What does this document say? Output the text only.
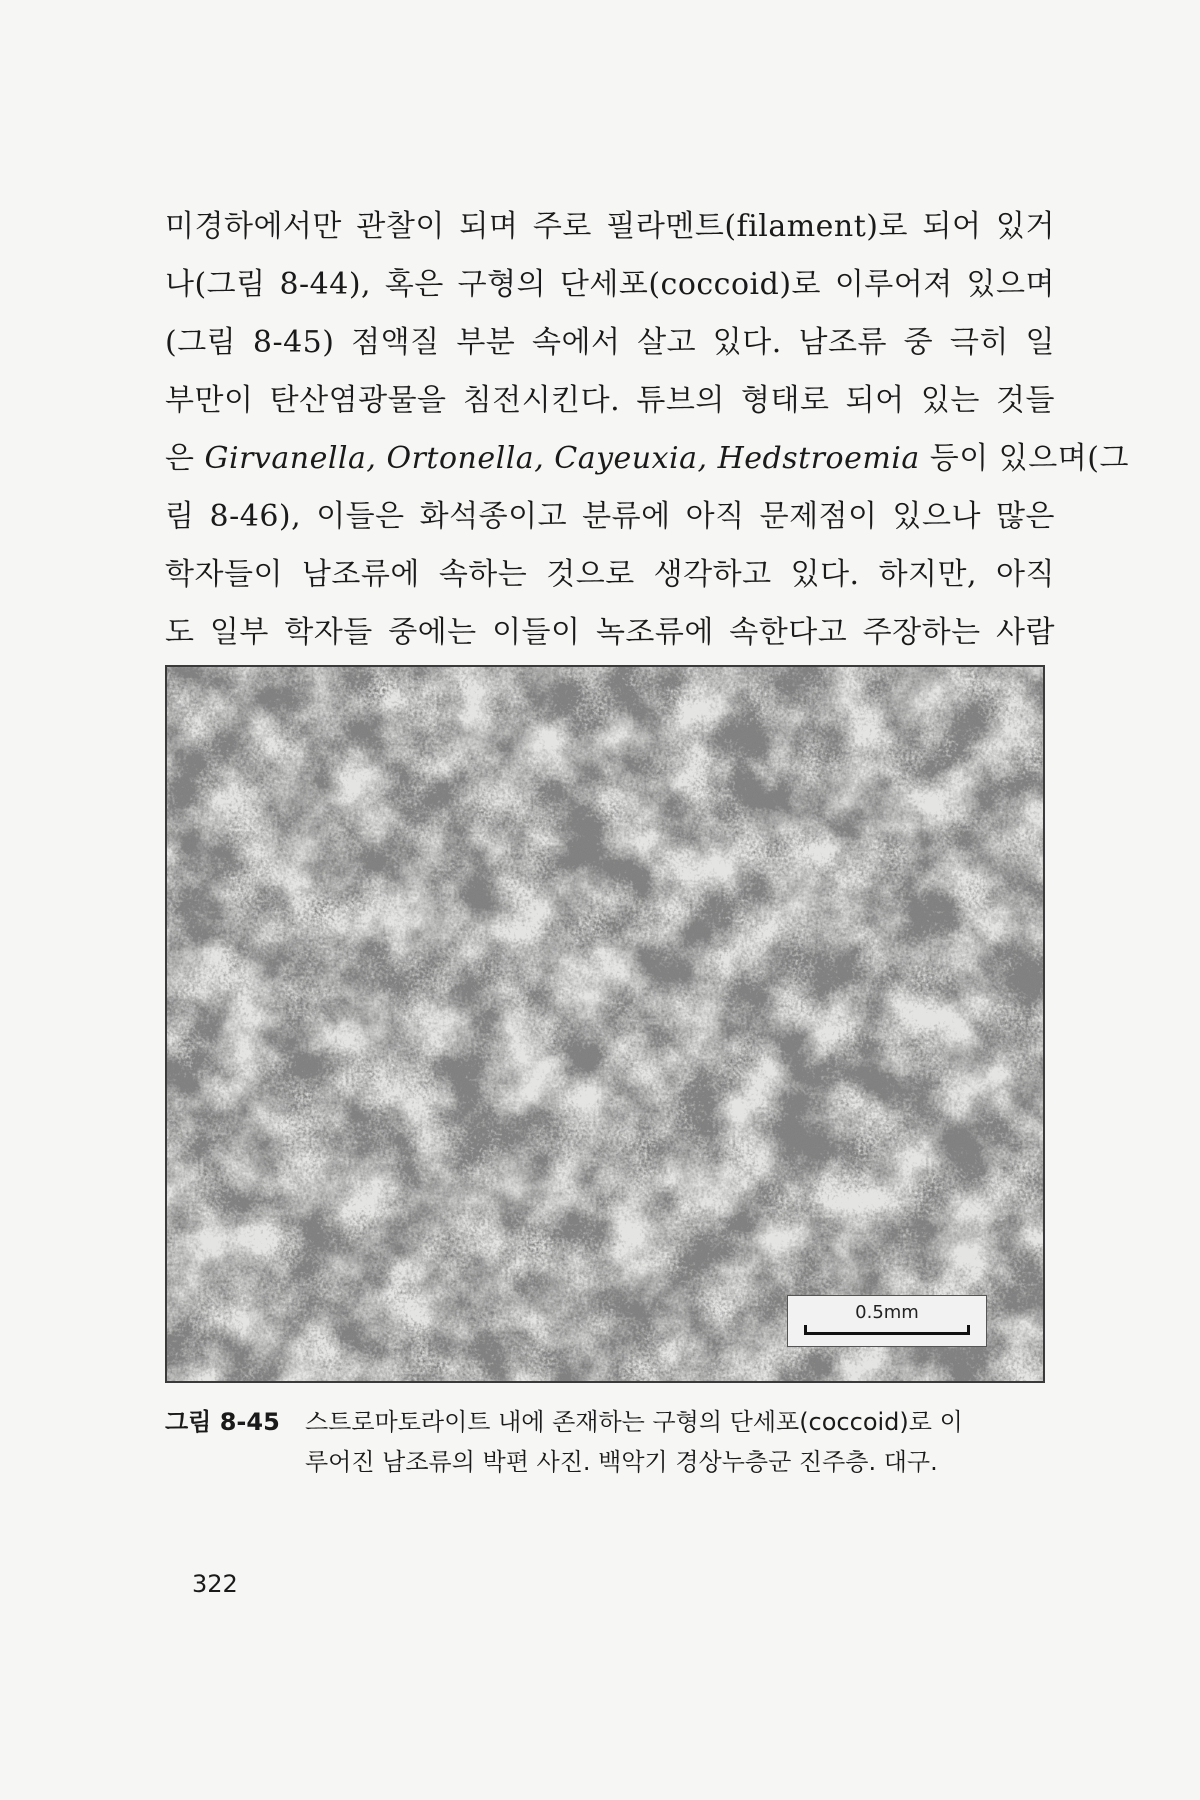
미경하에서만 관찰이 되며 주로 필라멘트(filament)로 되어 있거
나(그림 8-44), 혹은 구형의 단세포(coccoid)로 이루어져 있으며
(그림 8-45) 점액질 부분 속에서 살고 있다. 남조류 중 극히 일
부만이 탄산염광물을 침전시킨다. 튜브의 형태로 되어 있는 것들
은 Girvanella, Ortonella, Cayeuxia, Hedstroemia 등이 있으며(그
림 8-46), 이들은 화석종이고 분류에 아직 문제점이 있으나 많은
학자들이 남조류에 속하는 것으로 생각하고 있다. 하지만, 아직
도 일부 학자들 중에는 이들이 녹조류에 속한다고 주장하는 사람
0.5mm
그림 8-45 스트로마토라이트 내에 존재하는 구형의 단세포(coccoid)로 이
루어진 남조류의 박편 사진. 백악기 경상누층군 진주층. 대구.
322
